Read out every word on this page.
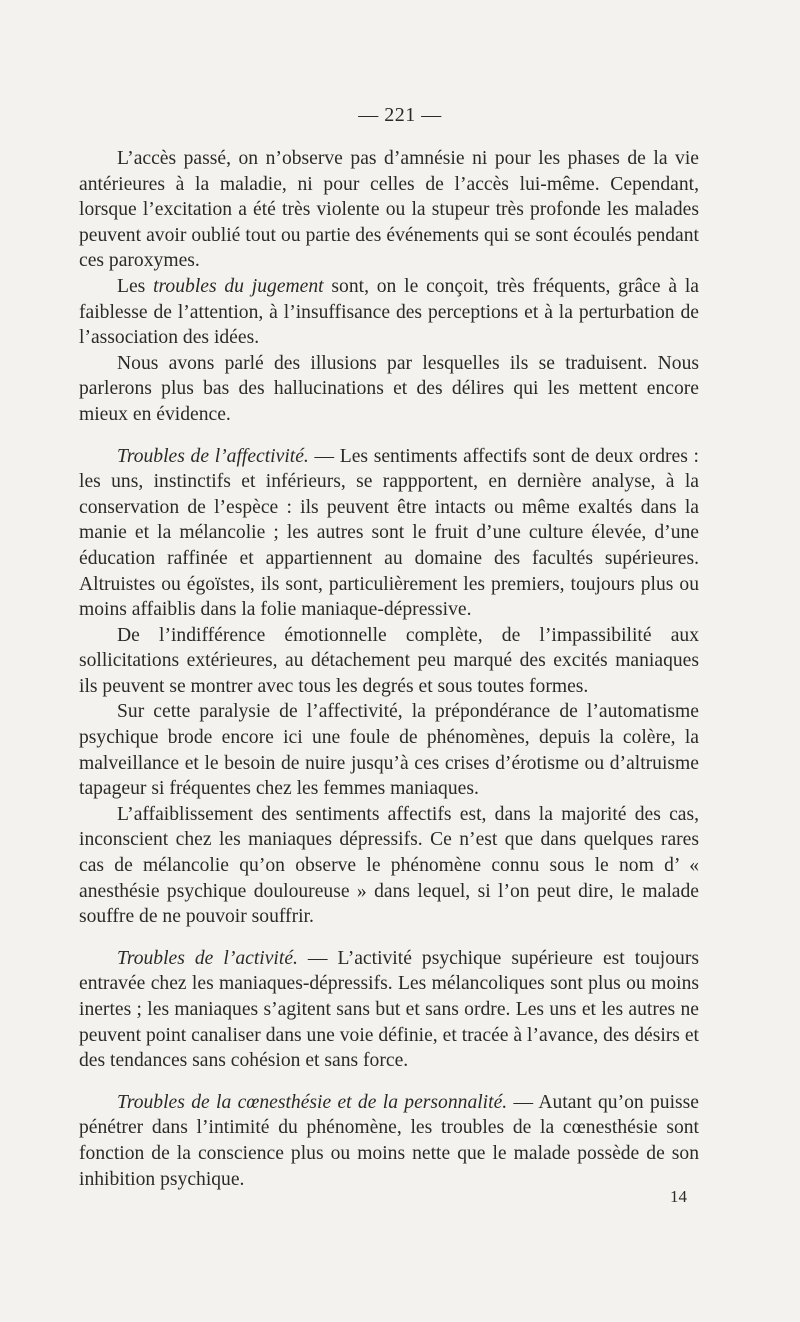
— 221 —

L’accès passé, on n’observe pas d’amnésie ni pour les phases de la vie antérieures à la maladie, ni pour celles de l’accès lui-même. Cependant, lorsque l’excitation a été très violente ou la stupeur très profonde les malades peuvent avoir oublié tout ou partie des événements qui se sont écoulés pendant ces paroxymes.

Les troubles du jugement sont, on le conçoit, très fréquents, grâce à la faiblesse de l’attention, à l’insuffisance des perceptions et à la perturbation de l’association des idées.

Nous avons parlé des illusions par lesquelles ils se traduisent. Nous parlerons plus bas des hallucinations et des délires qui les mettent encore mieux en évidence.

Troubles de l’affectivité. — Les sentiments affectifs sont de deux ordres : les uns, instinctifs et inférieurs, se rappportent, en dernière analyse, à la conservation de l’espèce : ils peuvent être intacts ou même exaltés dans la manie et la mélancolie ; les autres sont le fruit d’une culture élevée, d’une éducation raffinée et appartiennent au domaine des facultés supérieures. Altruistes ou égoïstes, ils sont, particulièrement les premiers, toujours plus ou moins affaiblis dans la folie maniaque-dépressive.

De l’indifférence émotionnelle complète, de l’impassibilité aux sollicitations extérieures, au détachement peu marqué des excités maniaques ils peuvent se montrer avec tous les degrés et sous toutes formes.

Sur cette paralysie de l’affectivité, la prépondérance de l’automatisme psychique brode encore ici une foule de phénomènes, depuis la colère, la malveillance et le besoin de nuire jusqu’à ces crises d’érotisme ou d’altruisme tapageur si fréquentes chez les femmes maniaques.

L’affaiblissement des sentiments affectifs est, dans la majorité des cas, inconscient chez les maniaques dépressifs. Ce n’est que dans quelques rares cas de mélancolie qu’on observe le phénomène connu sous le nom d’ « anesthésie psychique douloureuse » dans lequel, si l’on peut dire, le malade souffre de ne pouvoir souffrir.

Troubles de l’activité. — L’activité psychique supérieure est toujours entravée chez les maniaques-dépressifs. Les mélancoliques sont plus ou moins inertes ; les maniaques s’agitent sans but et sans ordre. Les uns et les autres ne peuvent point canaliser dans une voie définie, et tracée à l’avance, des désirs et des tendances sans cohésion et sans force.

Troubles de la cœnesthésie et de la personnalité. — Autant qu’on puisse pénétrer dans l’intimité du phénomène, les troubles de la cœnesthésie sont fonction de la conscience plus ou moins nette que le malade possède de son inhibition psychique.

14
